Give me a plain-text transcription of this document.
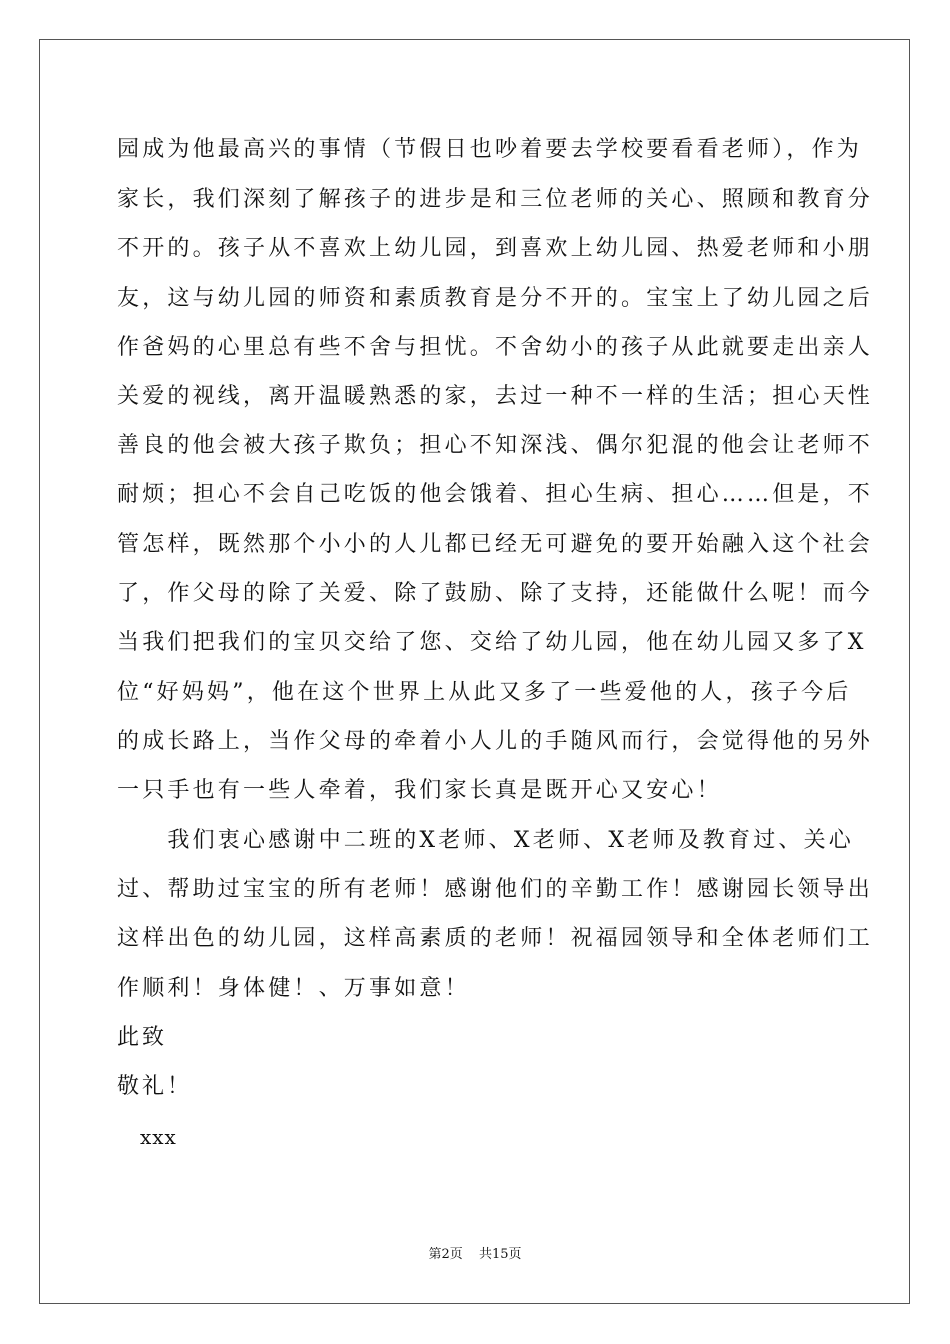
园成为他最高兴的事情（节假日也吵着要去学校要看看老师），作为
家长，我们深刻了解孩子的进步是和三位老师的关心、照顾和教育分
不开的。孩子从不喜欢上幼儿园，到喜欢上幼儿园、热爱老师和小朋
友，这与幼儿园的师资和素质教育是分不开的。宝宝上了幼儿园之后
作爸妈的心里总有些不舍与担忧。不舍幼小的孩子从此就要走出亲人
关爱的视线，离开温暖熟悉的家，去过一种不一样的生活；担心天性
善良的他会被大孩子欺负；担心不知深浅、偶尔犯混的他会让老师不
耐烦；担心不会自己吃饭的他会饿着、担心生病、担心……但是，不
管怎样，既然那个小小的人儿都已经无可避免的要开始融入这个社会
了，作父母的除了关爱、除了鼓励、除了支持，还能做什么呢！而今
当我们把我们的宝贝交给了您、交给了幼儿园，他在幼儿园又多了X
位“好妈妈”，他在这个世界上从此又多了一些爱他的人，孩子今后
的成长路上，当作父母的牵着小人儿的手随风而行，会觉得他的另外
一只手也有一些人牵着，我们家长真是既开心又安心！
　　我们衷心感谢中二班的X老师、X老师、X老师及教育过、关心
过、帮助过宝宝的所有老师！感谢他们的辛勤工作！感谢园长领导出
这样出色的幼儿园，这样高素质的老师！祝福园领导和全体老师们工
作顺利！身体健！、万事如意！
此致
敬礼！
xxx
第2页 共15页
